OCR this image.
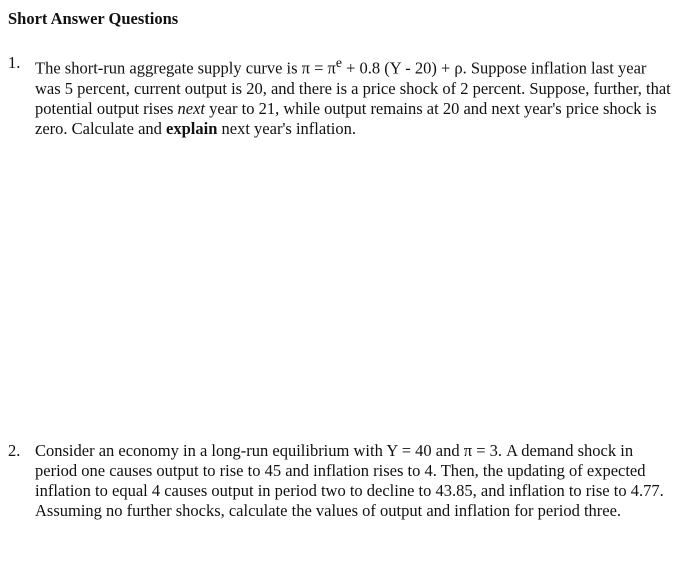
Short Answer Questions
1. The short-run aggregate supply curve is $\pi = \pi^e + 0.8$ (Y - 20) + ρ. Suppose inflation last year was 5 percent, current output is 20, and there is a price shock of 2 percent. Suppose, further, that potential output rises next year to 21, while output remains at 20 and next year's price shock is zero. Calculate and explain next year's inflation.
2. Consider an economy in a long-run equilibrium with Y = 40 and π = 3. A demand shock in period one causes output to rise to 45 and inflation rises to 4. Then, the updating of expected inflation to equal 4 causes output in period two to decline to 43.85, and inflation to rise to 4.77. Assuming no further shocks, calculate the values of output and inflation for period three.
